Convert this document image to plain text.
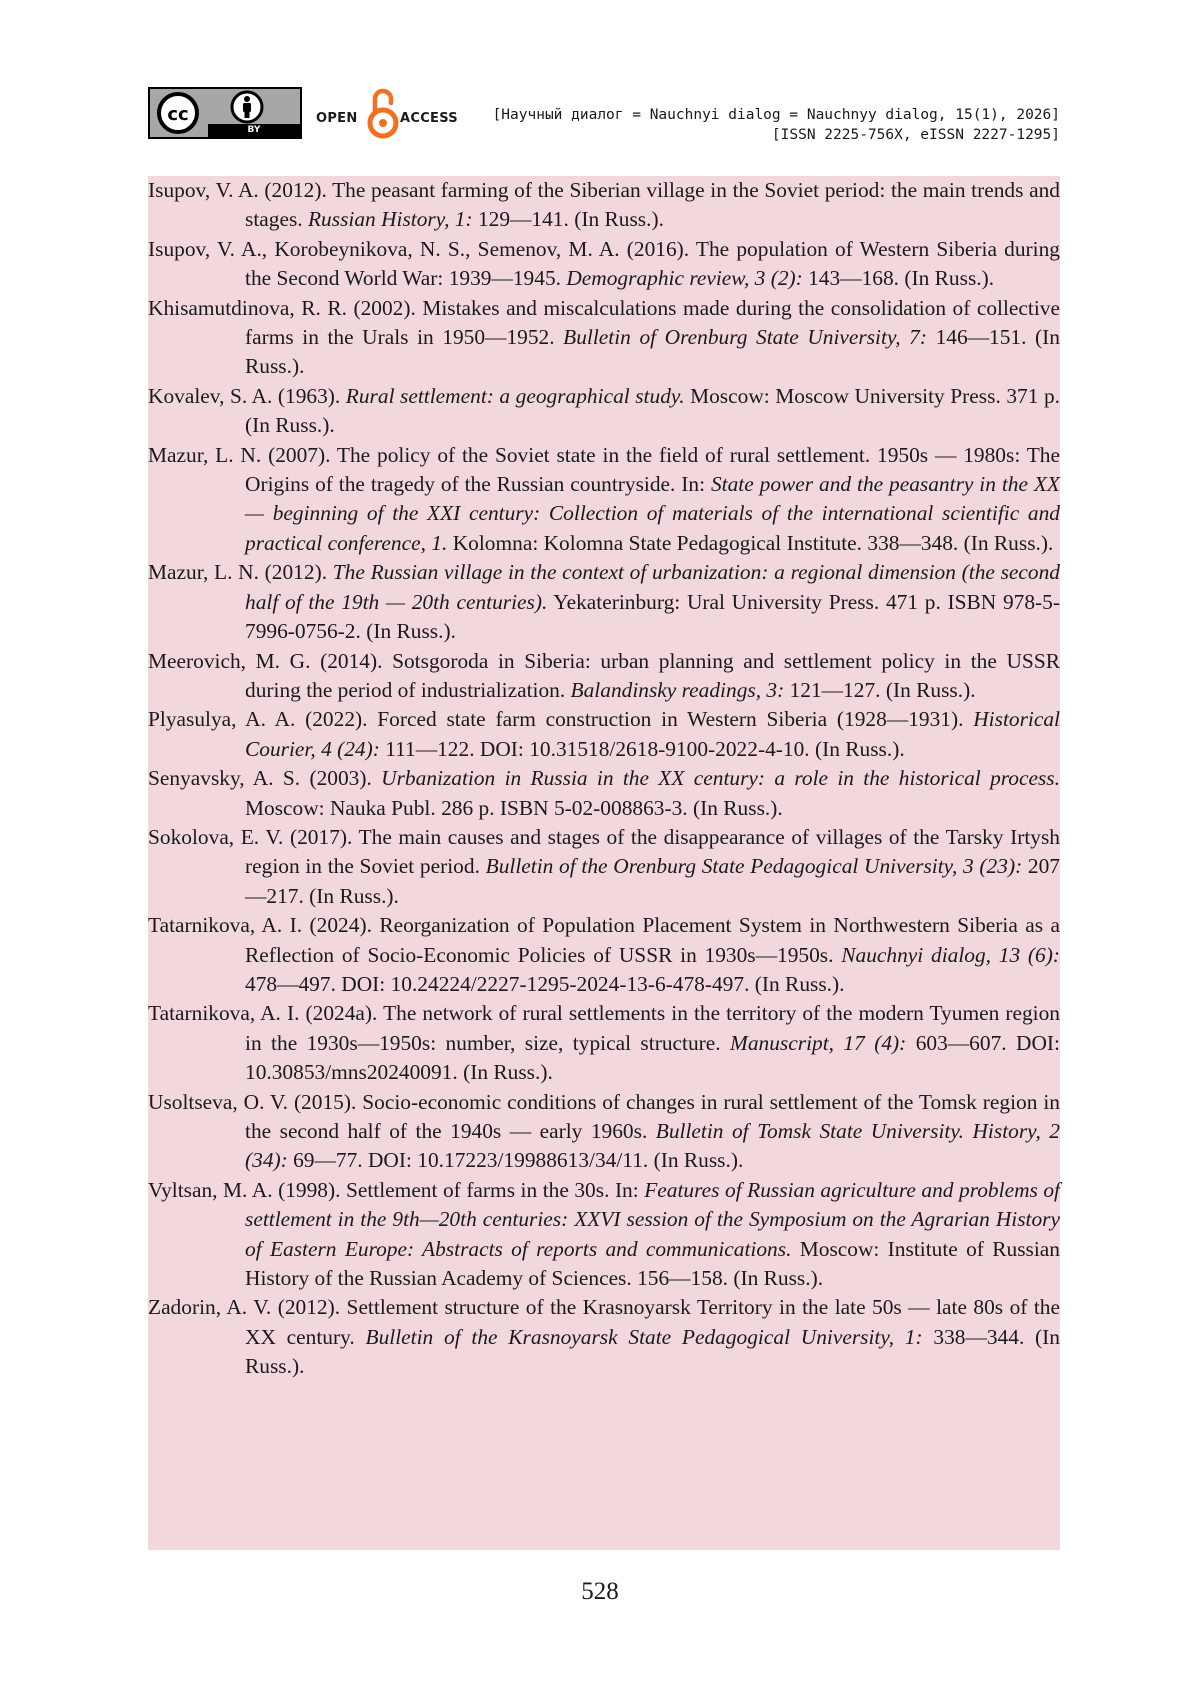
cc
BY
OPEN	ACCESS [Научный диалог = Nauchnyi dialog = Nauchnyy dialog, 15(1), 2026]
[ISSN 2225-756X, eISSN 2227-1295]

Isupov, V. A. (2012). The peasant farming of the Siberian village in the Soviet period: the main trends and stages. Russian History, 1: 129—141. (In Russ.).

Isupov, V. A., Korobeynikova, N. S., Semenov, M. A. (2016). The population of Western Siberia during the Second World War: 1939—1945. Demographic review, 3 (2): 143—168. (In Russ.).

Khisamutdinova, R. R. (2002). Mistakes and miscalculations made during the consolidation of collective farms in the Urals in 1950—1952. Bulletin of Orenburg State University, 7: 146—151. (In Russ.).

Kovalev, S. A. (1963). Rural settlement: a geographical study. Moscow: Moscow University Press. 371 p. (In Russ.).

Mazur, L. N. (2007). The policy of the Soviet state in the field of rural settlement. 1950s — 1980s: The Origins of the tragedy of the Russian countryside. In: State power and the peasantry in the XX — beginning of the XXI century: Collection of materials of the international scientific and practical conference, 1. Kolomna: Kolomna State Pedagogical Institute. 338—348. (In Russ.).

Mazur, L. N. (2012). The Russian village in the context of urbanization: a regional dimension (the second half of the 19th — 20th centuries). Yekaterinburg: Ural University Press. 471 p. ISBN 978-5-7996-0756-2. (In Russ.).

Meerovich, M. G. (2014). Sotsgoroda in Siberia: urban planning and settlement policy in the USSR during the period of industrialization. Balandinsky readings, 3: 121—127. (In Russ.).

Plyasulya, A. A. (2022). Forced state farm construction in Western Siberia (1928—1931). Historical Courier, 4 (24): 111—122. DOI: 10.31518/2618-9100-2022-4-10. (In Russ.).

Senyavsky, A. S. (2003). Urbanization in Russia in the XX century: a role in the historical process. Moscow: Nauka Publ. 286 p. ISBN 5-02-008863-3. (In Russ.).

Sokolova, E. V. (2017). The main causes and stages of the disappearance of villages of the Tarsky Irtysh region in the Soviet period. Bulletin of the Orenburg State Pedagogical University, 3 (23): 207—217. (In Russ.).

Tatarnikova, A. I. (2024). Reorganization of Population Placement System in Northwestern Siberia as a Reflection of Socio-Economic Policies of USSR in 1930s—1950s. Nauchnyi dialog, 13 (6): 478—497. DOI: 10.24224/2227-1295-2024-13-6-478-497. (In Russ.).

Tatarnikova, A. I. (2024a). The network of rural settlements in the territory of the modern Tyumen region in the 1930s—1950s: number, size, typical structure. Manuscript, 17 (4): 603—607. DOI: 10.30853/mns20240091. (In Russ.).

Usoltseva, O. V. (2015). Socio-economic conditions of changes in rural settlement of the Tomsk region in the second half of the 1940s — early 1960s. Bulletin of Tomsk State University. History, 2 (34): 69—77. DOI: 10.17223/19988613/34/11. (In Russ.).

Vyltsan, M. A. (1998). Settlement of farms in the 30s. In: Features of Russian agriculture and problems of settlement in the 9th—20th centuries: XXVI session of the Symposium on the Agrarian History of Eastern Europe: Abstracts of reports and communications. Moscow: Institute of Russian History of the Russian Academy of Sciences. 156—158. (In Russ.).

Zadorin, A. V. (2012). Settlement structure of the Krasnoyarsk Territory in the late 50s — late 80s of the XX century. Bulletin of the Krasnoyarsk State Pedagogical University, 1: 338—344. (In Russ.).

528
